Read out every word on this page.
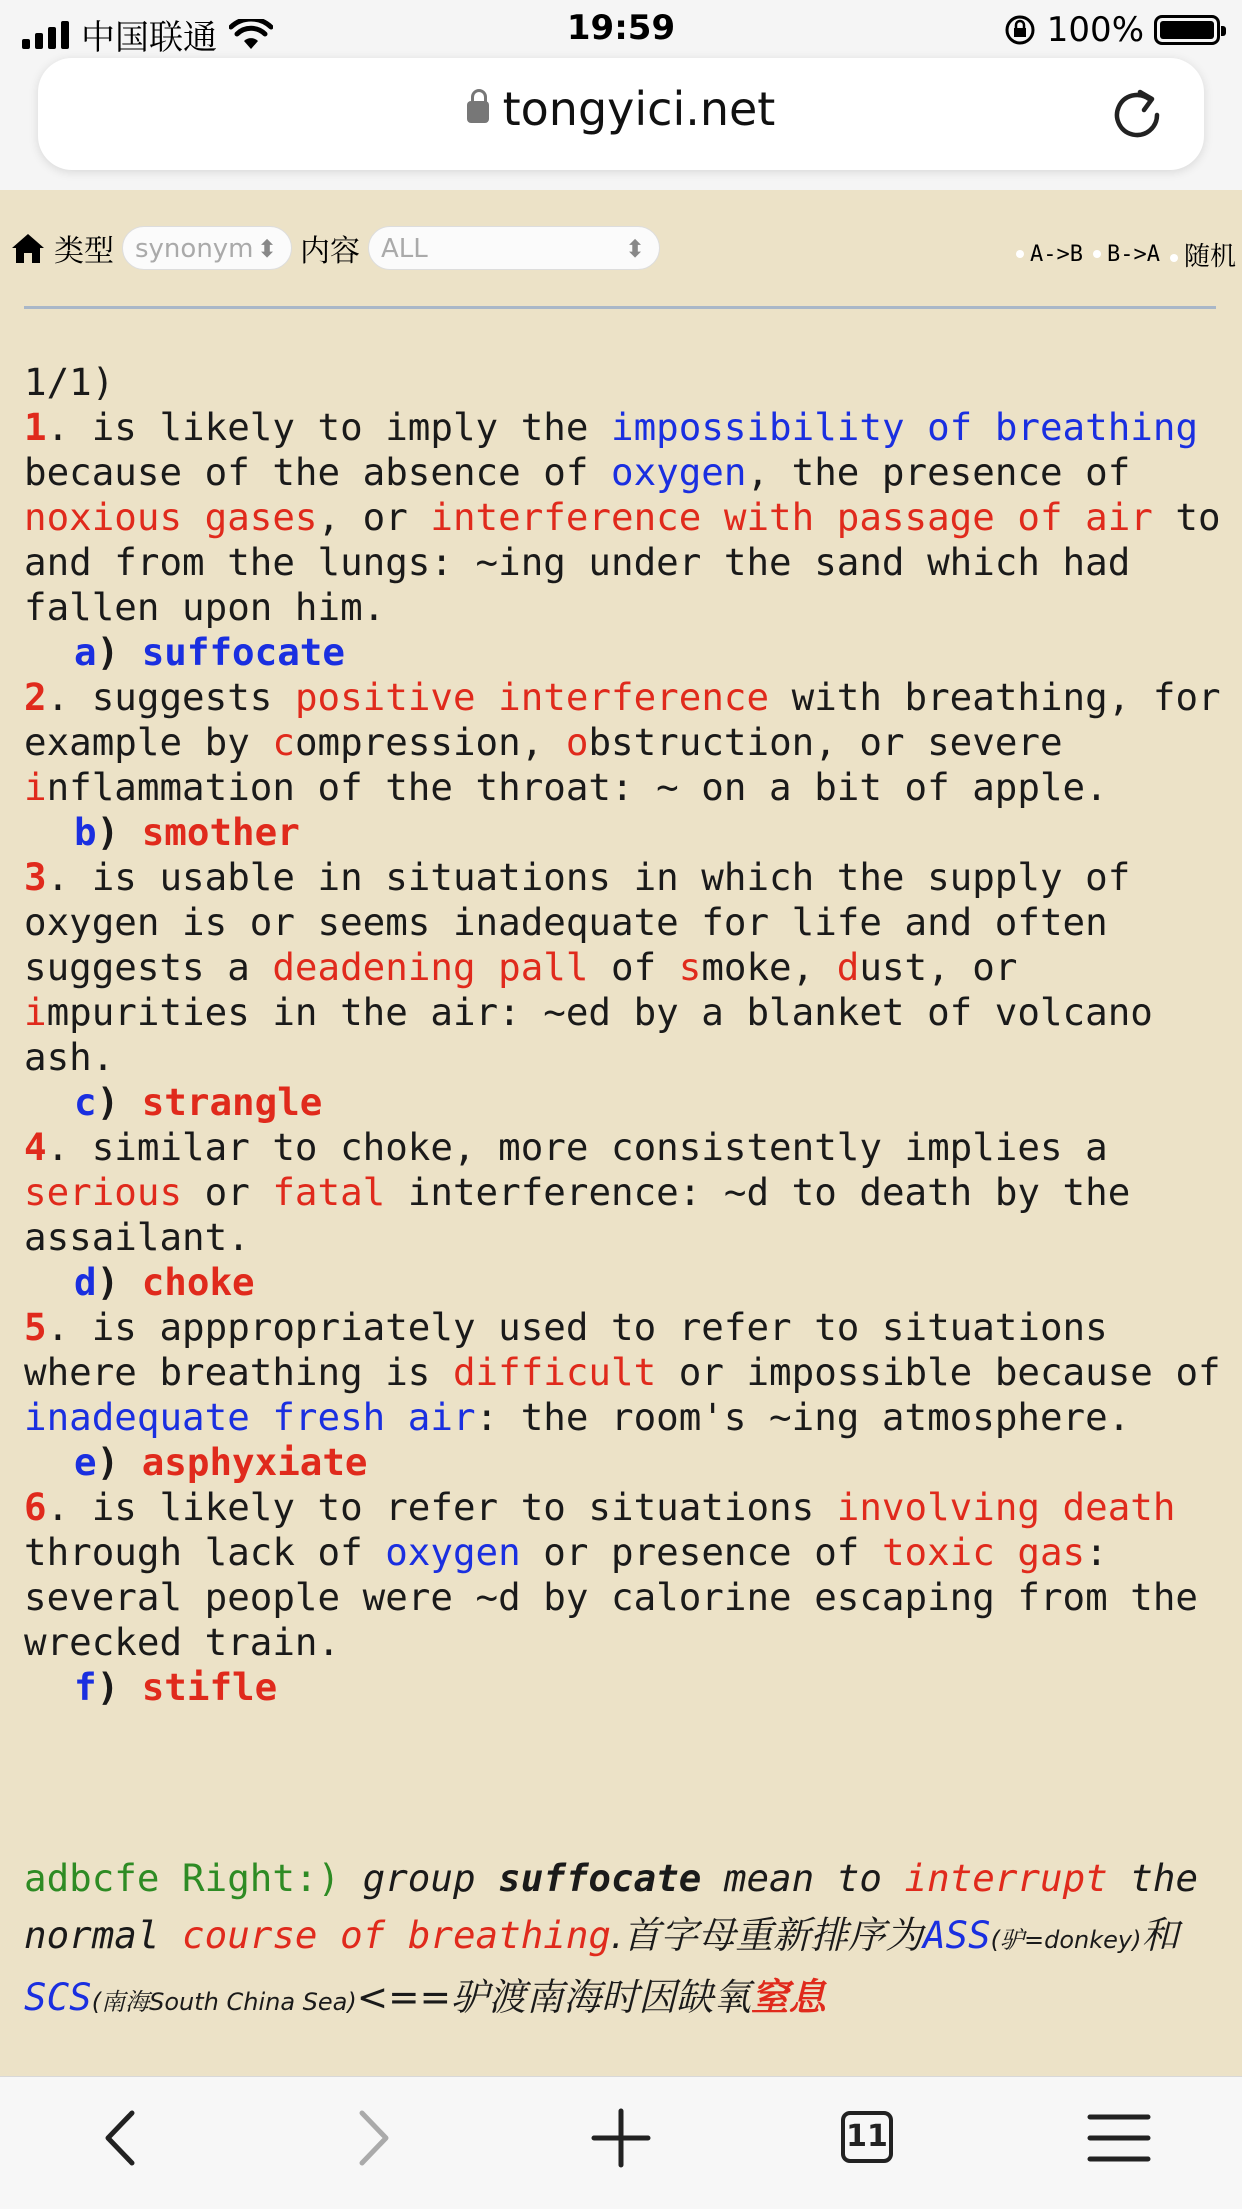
中国联通	19:59	100%
tongyici.net
类型 synonym ⬍ 内容 ALL	⬍	A->B	B->A 随机

1/1)

1. is likely to imply the impossibility of breathing because of the absence of oxygen, the presence of noxious gases, or interference with passage of air to and from the lungs: ~ing under the sand which had fallen upon him.

a) suffocate

2. suggests positive interference with breathing, for example by compression, obstruction, or severe inflammation of the throat: ~ on a bit of apple.

b) smother

3. is usable in situations in which the supply of oxygen is or seems inadequate for life and often suggests a deadening pall of smoke, dust, or impurities in the air: ~ed by a blanket of volcano ash.

c) strangle

4. similar to choke, more consistently implies a serious or fatal interference: ~d to death by the assailant.

d) choke

5. is apppropriately used to refer to situations where breathing is difficult or impossible because of inadequate fresh air: the room's ~ing atmosphere.

e) asphyxiate

6. is likely to refer to situations involving death through lack of oxygen or presence of toxic gas: several people were ~d by calorine escaping from the wrecked train.

f) stifle

adbcfe Right:) group suffocate mean to interrupt the normal course of breathing.首字母重新排序为ASS(驴=donkey)和SCS(南海South China Sea)<==驴渡南海时因缺氧窒息
11
